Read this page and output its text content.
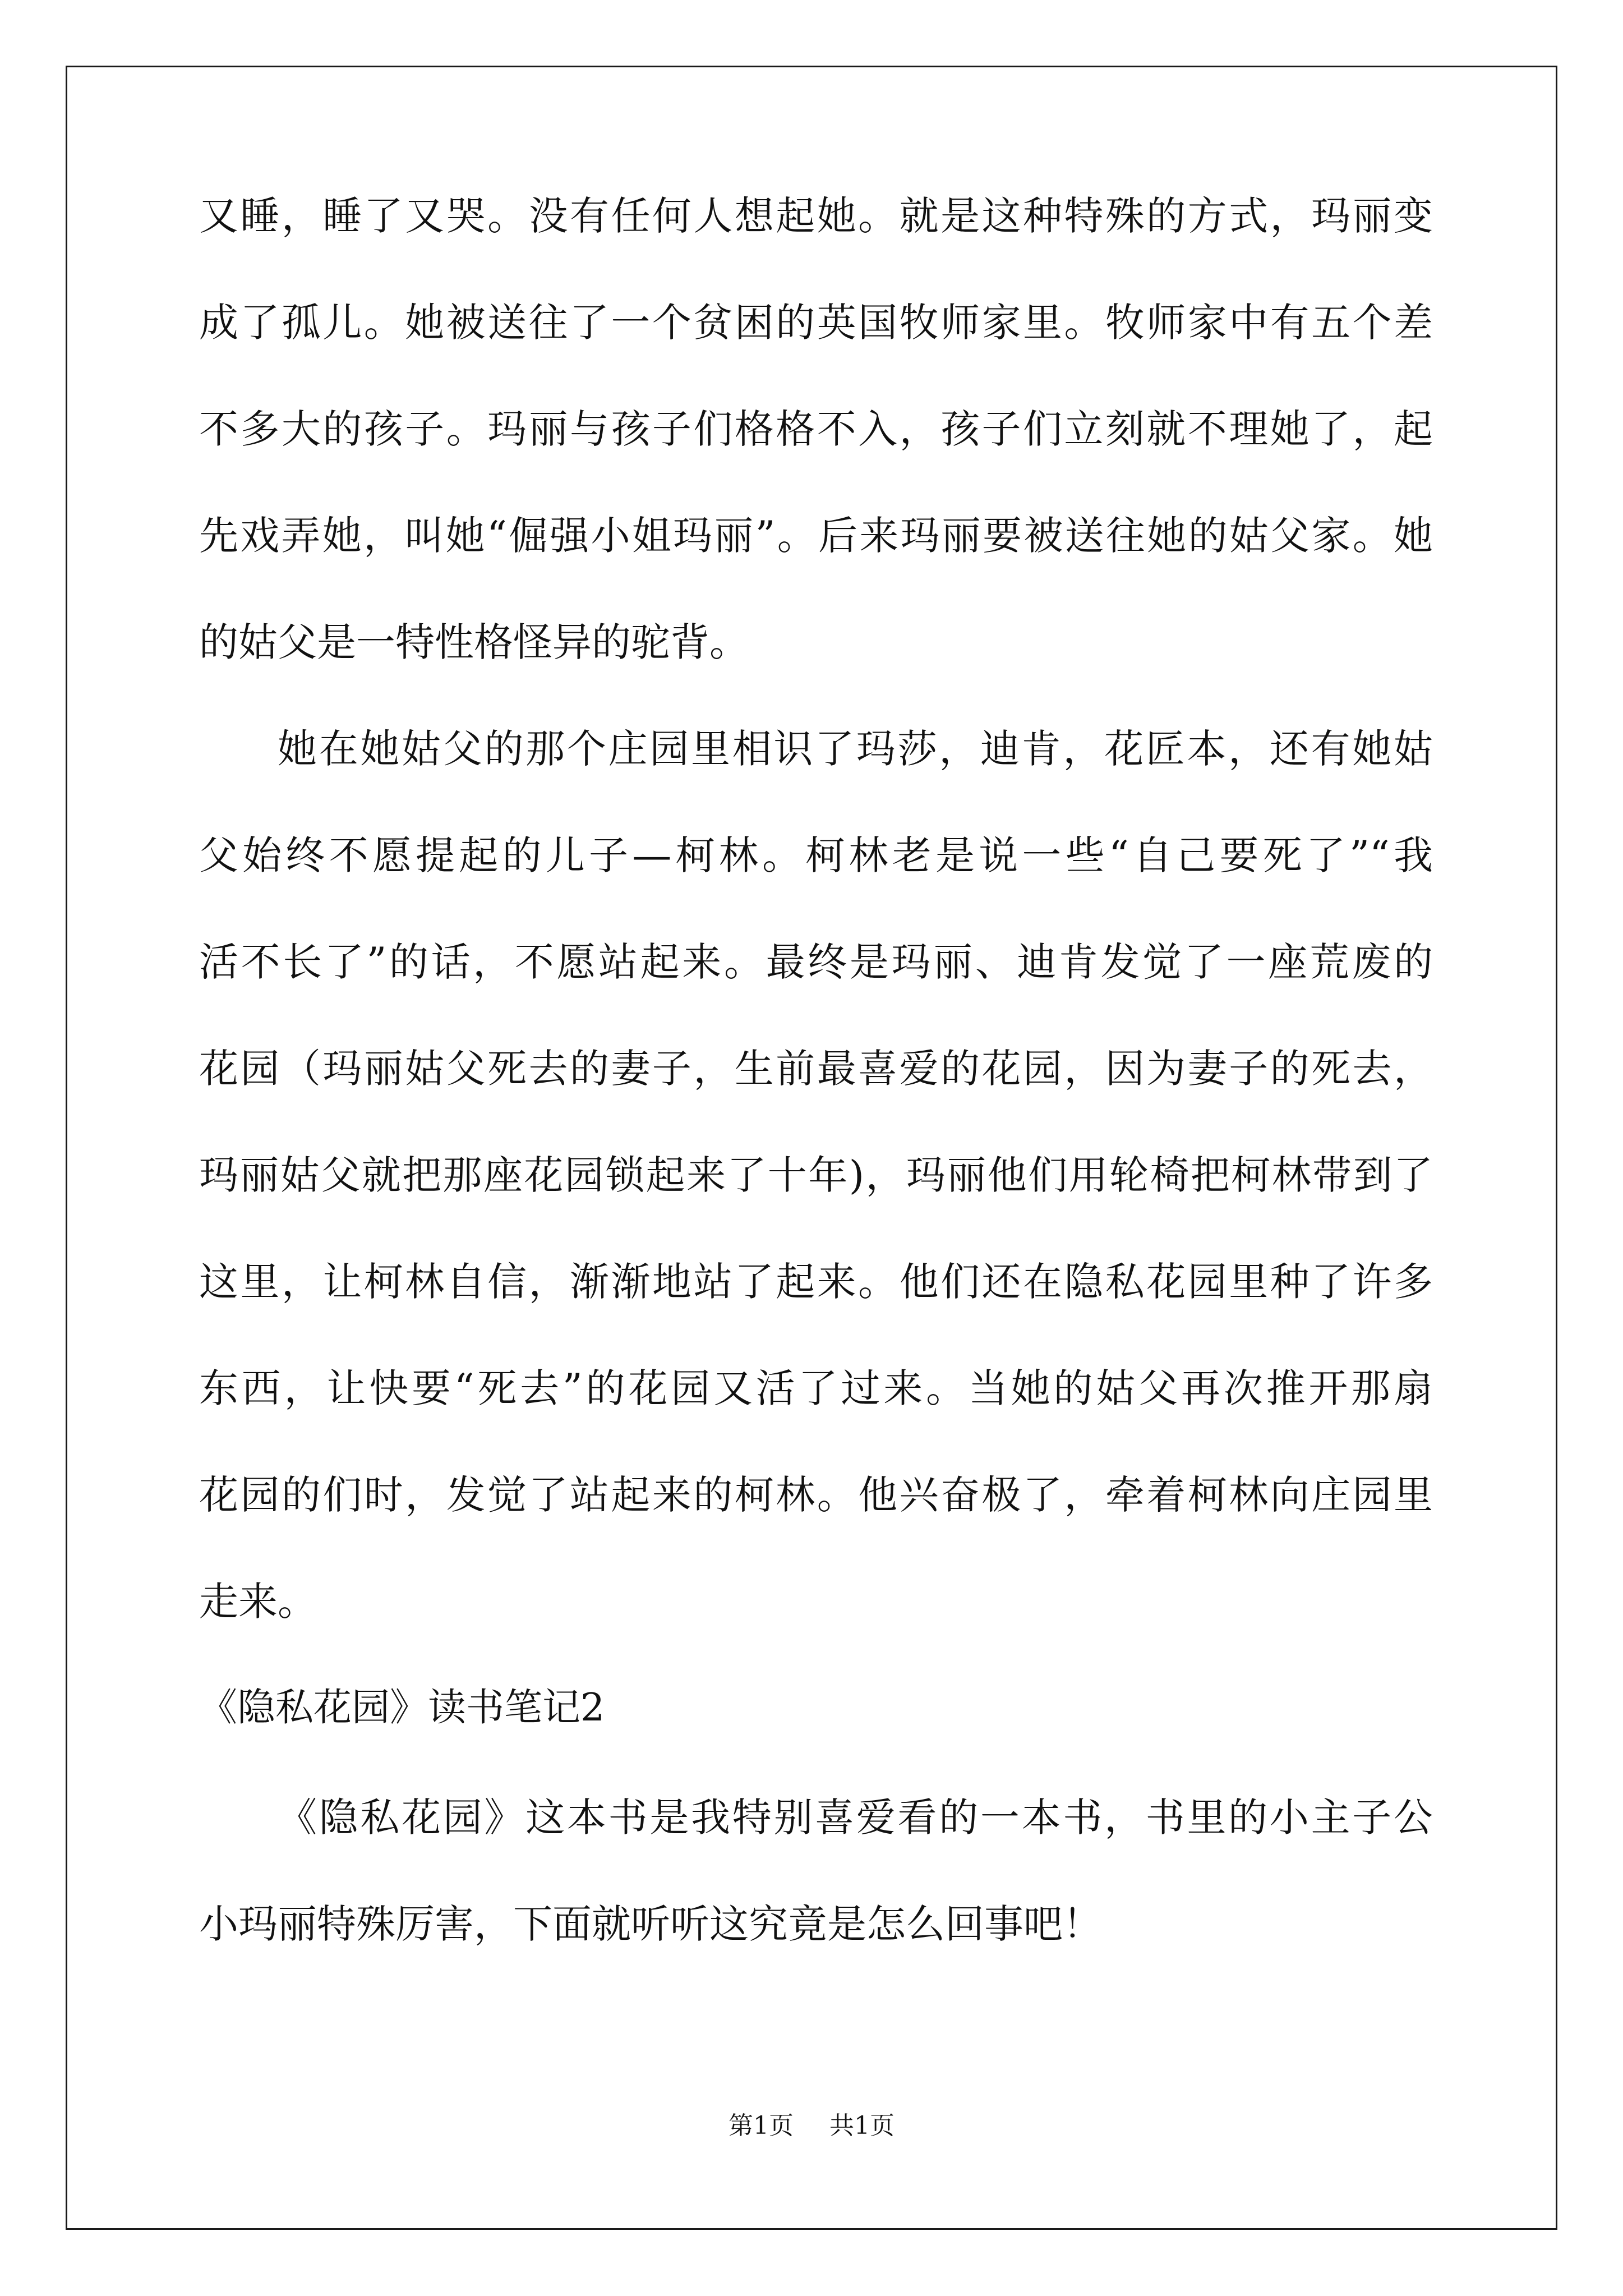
又睡，睡了又哭。没有任何人想起她。就是这种特殊的方式，玛丽变
成了孤儿。她被送往了一个贫困的英国牧师家里。牧师家中有五个差
不多大的孩子。玛丽与孩子们格格不入，孩子们立刻就不理她了，起
先戏弄她，叫她“倔强小姐玛丽”。后来玛丽要被送往她的姑父家。她
的姑父是一特性格怪异的驼背。
她在她姑父的那个庄园里相识了玛莎，迪肯，花匠本，还有她姑
父始终不愿提起的儿子—柯林。柯林老是说一些“自己要死了”“我
活不长了”的话，不愿站起来。最终是玛丽、迪肯发觉了一座荒废的
花园（玛丽姑父死去的妻子，生前最喜爱的花园，因为妻子的死去，
玛丽姑父就把那座花园锁起来了十年)，玛丽他们用轮椅把柯林带到了
这里，让柯林自信，渐渐地站了起来。他们还在隐私花园里种了许多
东西，让快要“死去”的花园又活了过来。当她的姑父再次推开那扇
花园的们时，发觉了站起来的柯林。他兴奋极了，牵着柯林向庄园里
走来。
《隐私花园》读书笔记2
《隐私花园》这本书是我特别喜爱看的一本书，书里的小主子公
小玛丽特殊厉害，下面就听听这究竟是怎么回事吧！
第1页 共1页
